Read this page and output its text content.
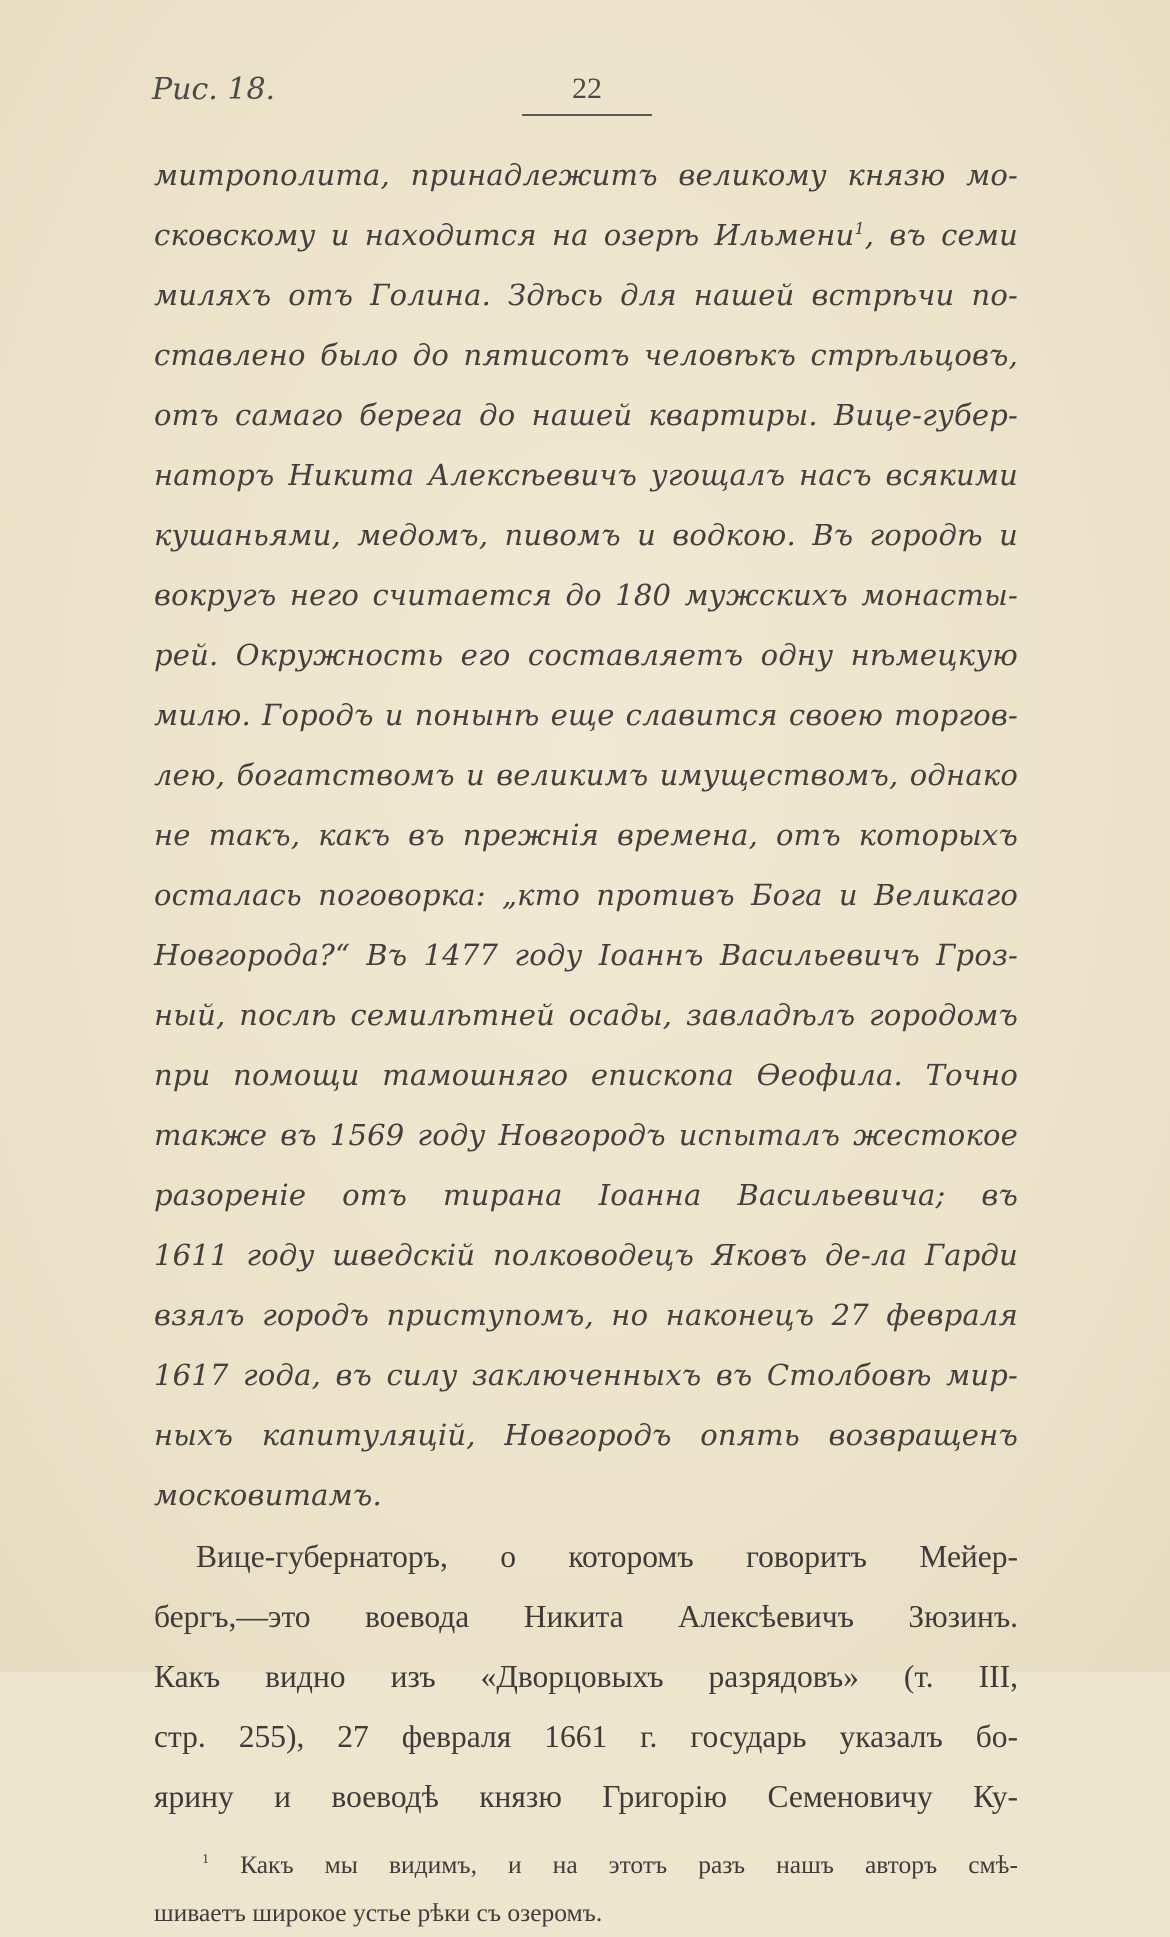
Рис. 18.	22
митрополита, принадлежитъ великому князю мо-
сковскому и находится на озерѣ Ильмени$^1$, въ семи
миляхъ отъ Голина. Здѣсь для нашей встрѣчи по-
ставлено было до пятисотъ человѣкъ стрѣльцовъ,
отъ самаго берега до нашей квартиры. Вице-губер-
наторъ Никита Алексѣевичъ угощалъ насъ всякими
кушаньями, медомъ, пивомъ и водкою. Въ городѣ и
вокругъ него считается до 180 мужскихъ монасты-
рей. Окружность его составляетъ одну нѣмецкую
милю. Городъ и понынѣ еще славится своею торгов-
лею, богатствомъ и великимъ имуществомъ, однако
не такъ, какъ въ прежнія времена, отъ которыхъ
осталась поговорка: „кто противъ Бога и Великаго
Новгорода?“ Въ 1477 году Іоаннъ Васильевичъ Гроз-
ный, послѣ семилѣтней осады, завладѣлъ городомъ
при помощи тамошняго епископа Өеофила. Точно
также въ 1569 году Новгородъ испыталъ жестокое
разореніе отъ тирана Іоанна Васильевича; въ
1611 году шведскій полководецъ Яковъ де-ла Гарди
взялъ городъ приступомъ, но наконецъ 27 февраля
1617 года, въ силу заключенныхъ въ Столбовѣ мир-
ныхъ капитуляцій, Новгородъ опять возвращенъ
московитамъ.
Вице-губернаторъ, о которомъ говоритъ Мейер-
бергъ,—это воевода Никита Алексѣевичъ Зюзинъ.
Какъ видно изъ «Дворцовыхъ разрядовъ» (т. III,
стр. 255), 27 февраля 1661 г. государь указалъ бо-
ярину и воеводѣ князю Григорію Семеновичу Ку-
$^1$ Какъ мы видимъ, и на этотъ разъ нашъ авторъ смѣ-
шиваетъ широкое устье рѣки съ озеромъ.
